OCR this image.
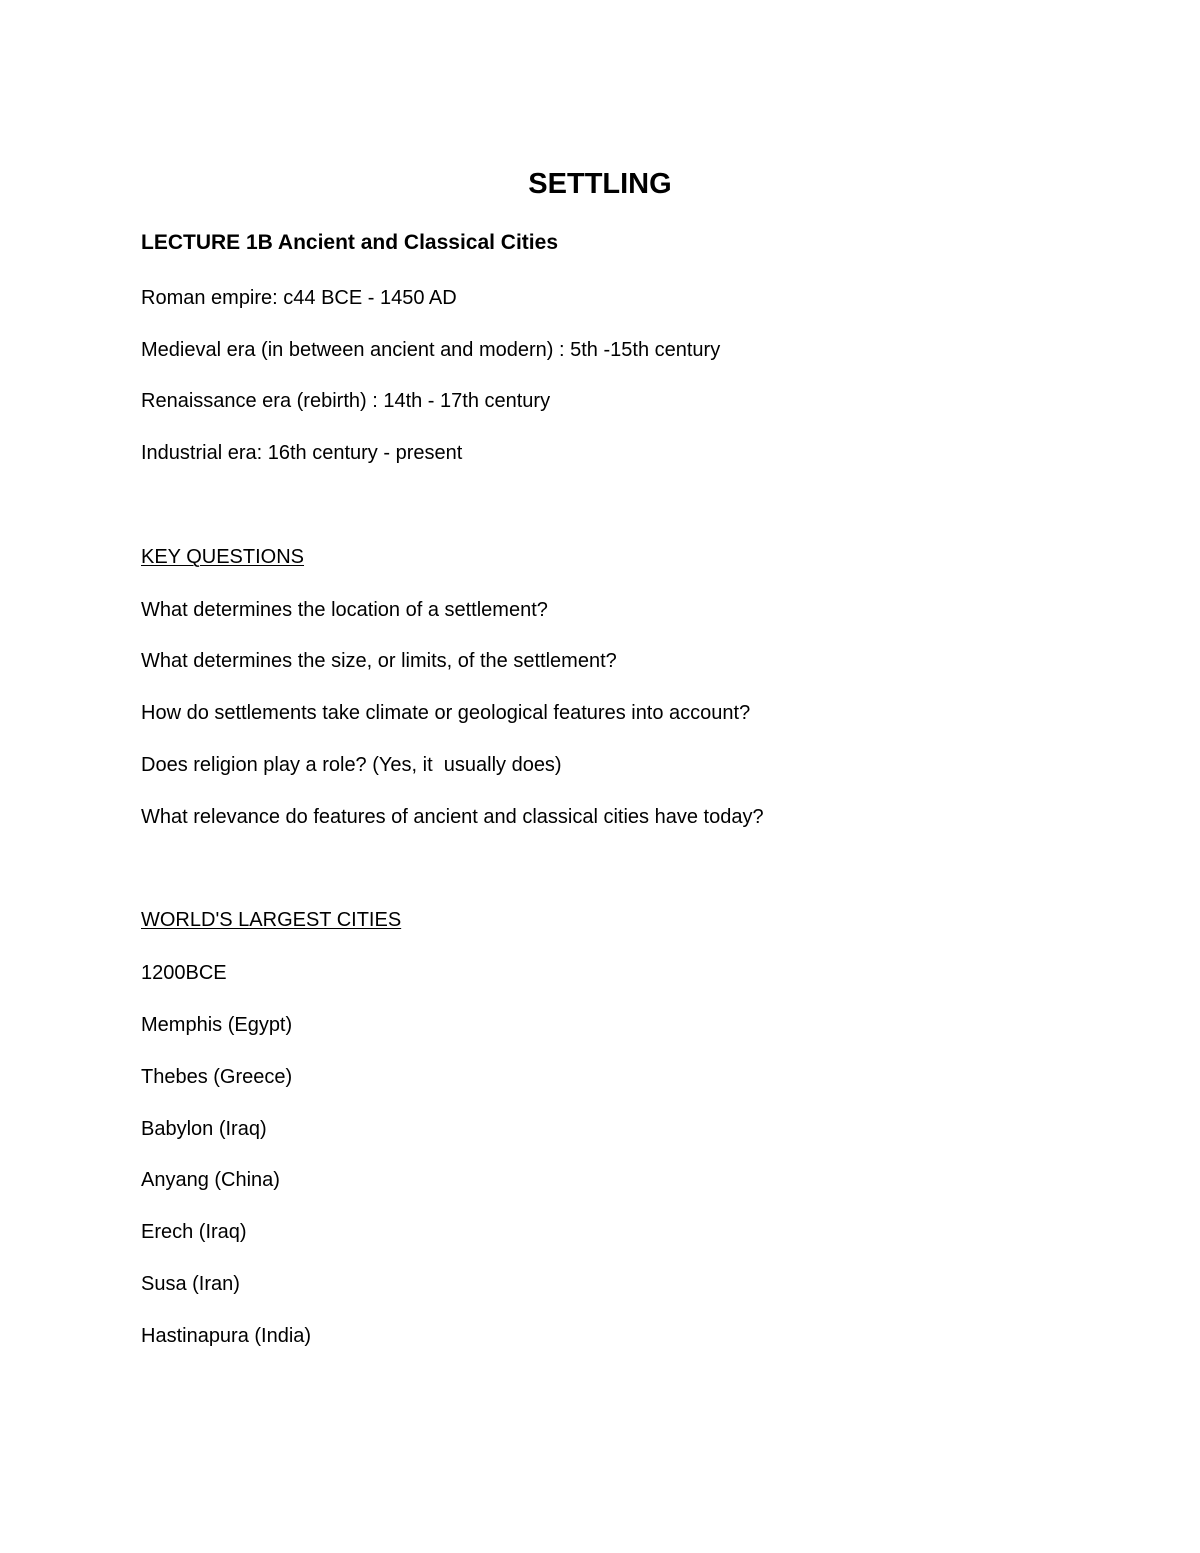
SETTLING

LECTURE 1B Ancient and Classical Cities

Roman empire: c44 BCE - 1450 AD

Medieval era (in between ancient and modern) : 5th -15th century

Renaissance era (rebirth) : 14th - 17th century

Industrial era: 16th century - present

KEY QUESTIONS

What determines the location of a settlement?

What determines the size, or limits, of the settlement?

How do settlements take climate or geological features into account?

Does religion play a role? (Yes, it  usually does)

What relevance do features of ancient and classical cities have today?

WORLD'S LARGEST CITIES

1200BCE

Memphis (Egypt)

Thebes (Greece)

Babylon (Iraq)

Anyang (China)

Erech (Iraq)

Susa (Iran)

Hastinapura (India)
